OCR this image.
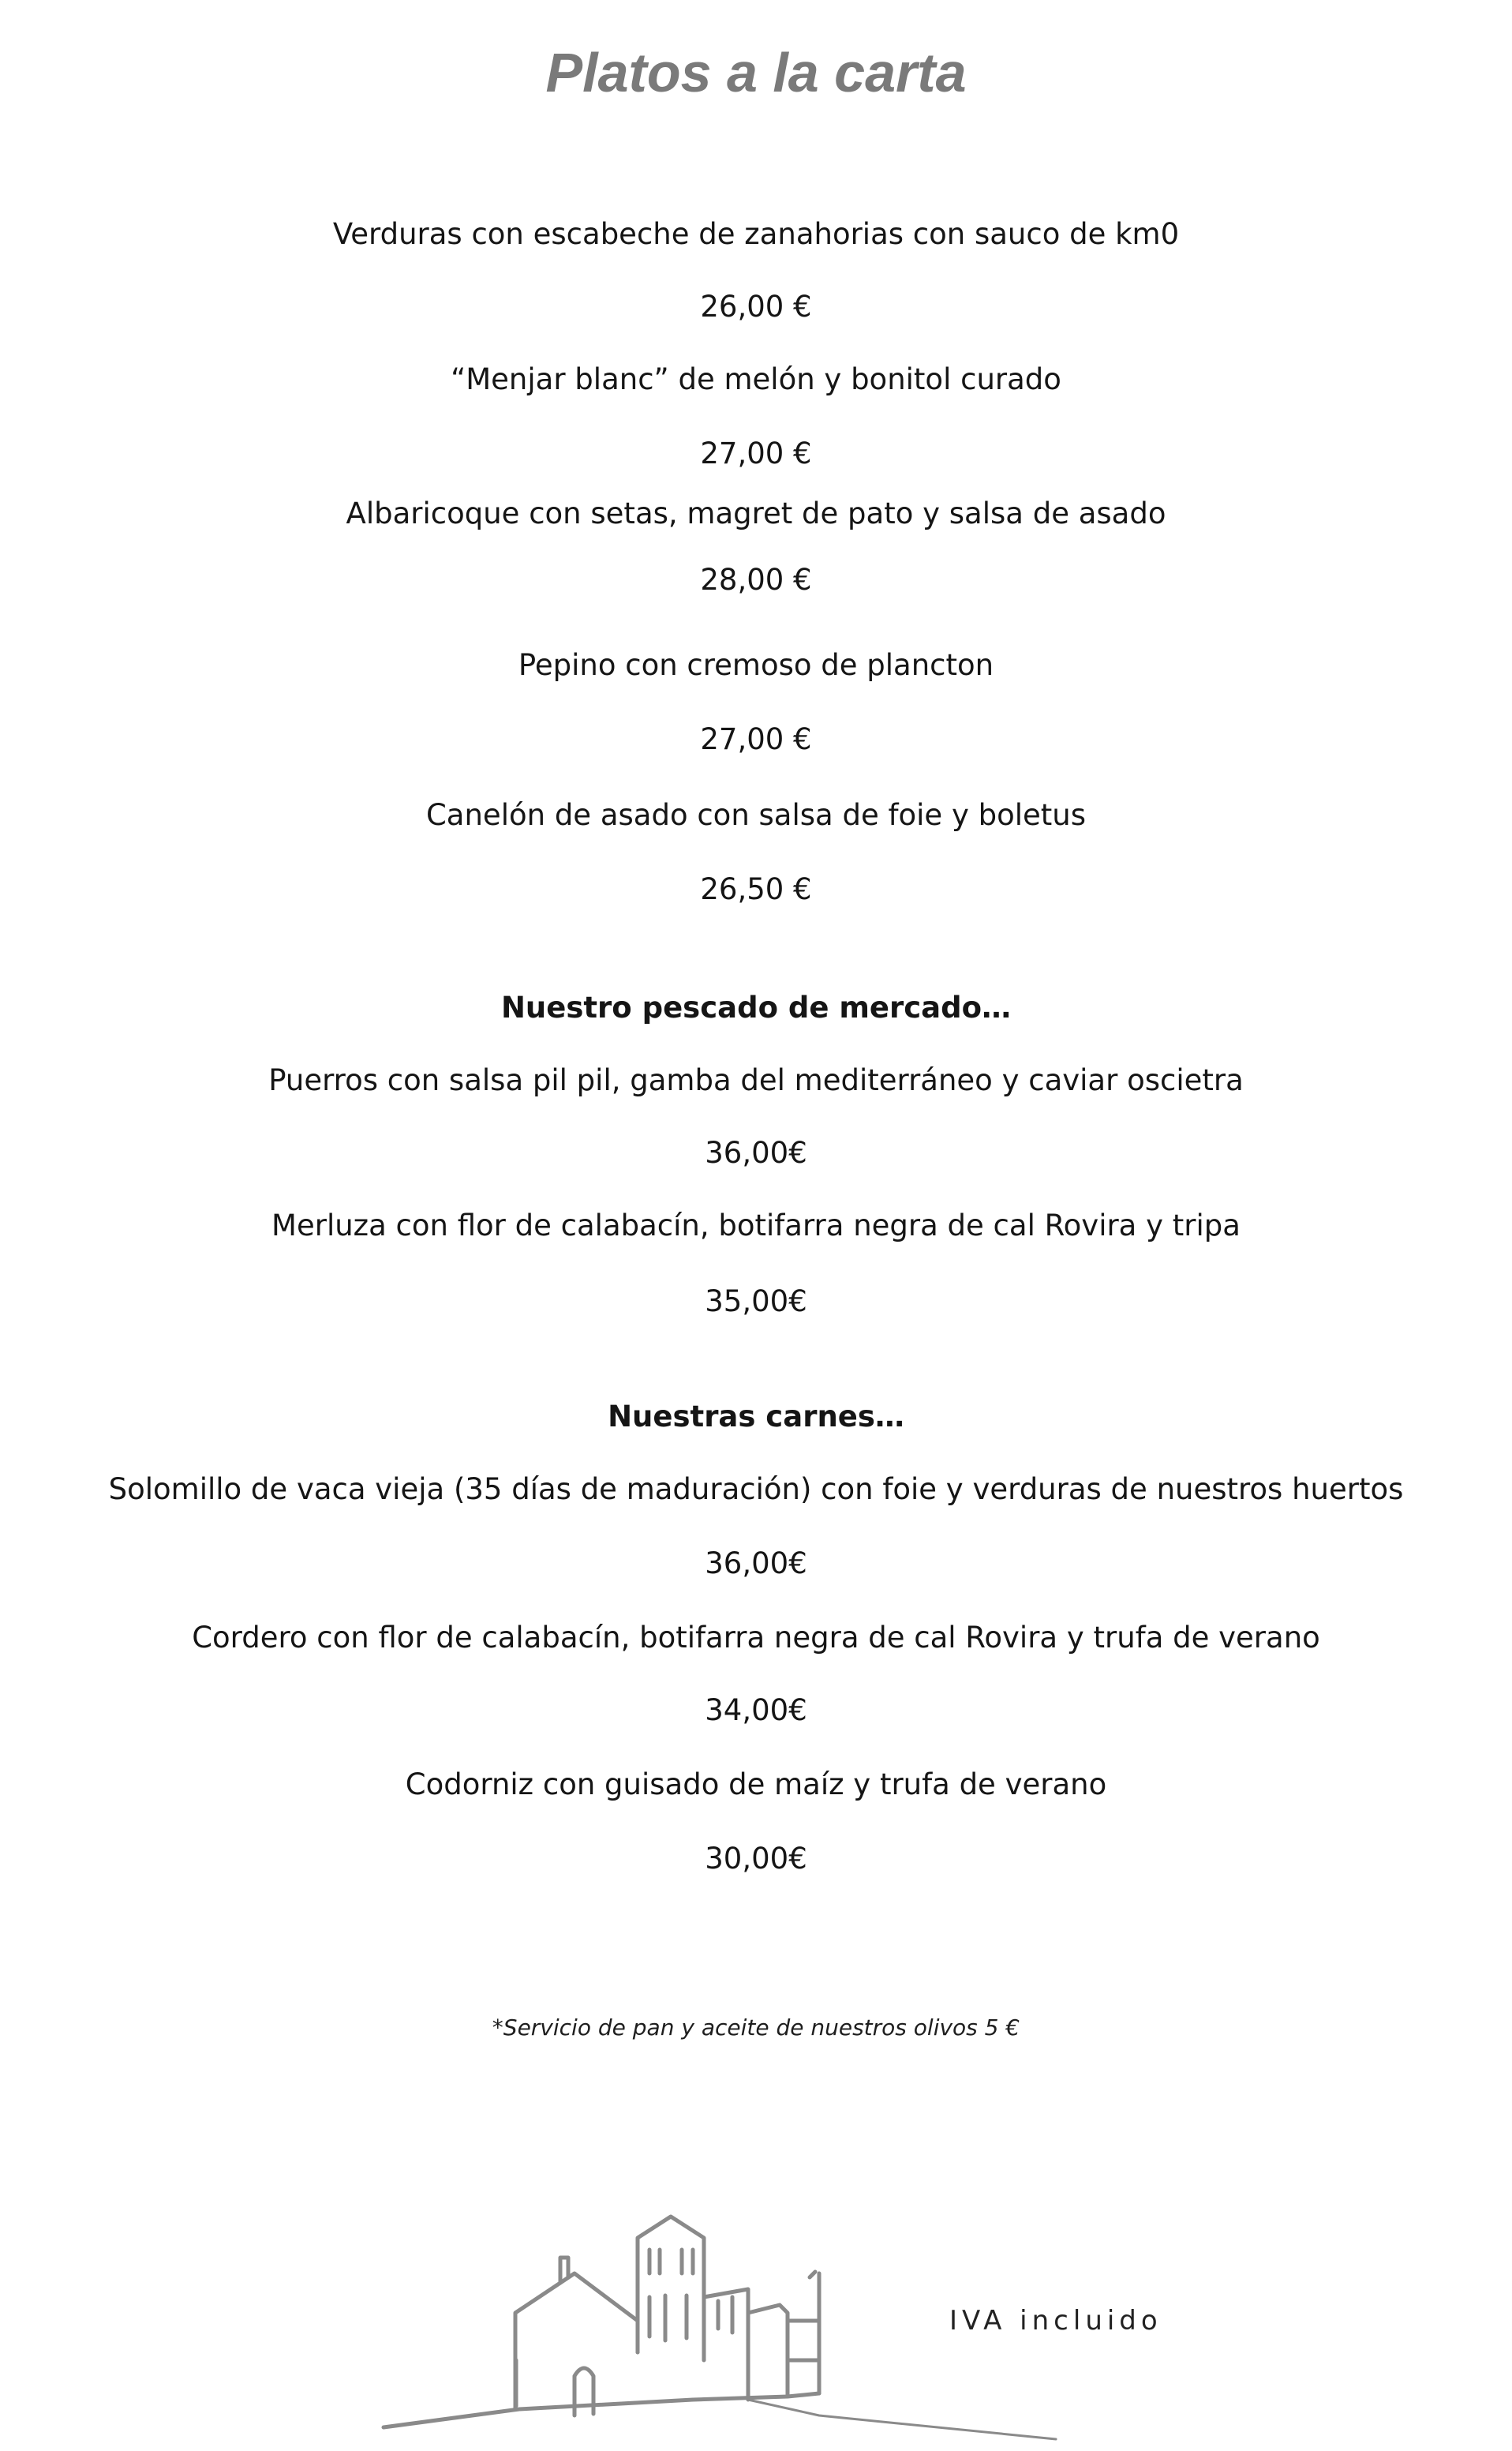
Platos a la carta
Verduras con escabeche de zanahorias con sauco de km0
26,00 €
“Menjar blanc” de melón y bonitol curado
27,00 €
Albaricoque con setas, magret de pato y salsa de asado
28,00 €
Pepino con cremoso de plancton
27,00 €
Canelón de asado con salsa de foie y boletus
26,50 €
Nuestro pescado de mercado…
Puerros con salsa pil pil, gamba del mediterráneo y caviar oscietra
36,00€
Merluza con flor de calabacín, botifarra negra de cal Rovira y tripa
35,00€
Nuestras carnes…
Solomillo de vaca vieja (35 días de maduración) con foie y verduras de nuestros huertos
36,00€
Cordero con flor de calabacín, botifarra negra de cal Rovira y trufa de verano
34,00€
Codorniz con guisado de maíz y trufa de verano
30,00€
*Servicio de pan y aceite de nuestros olivos 5 €
IVA incluido
